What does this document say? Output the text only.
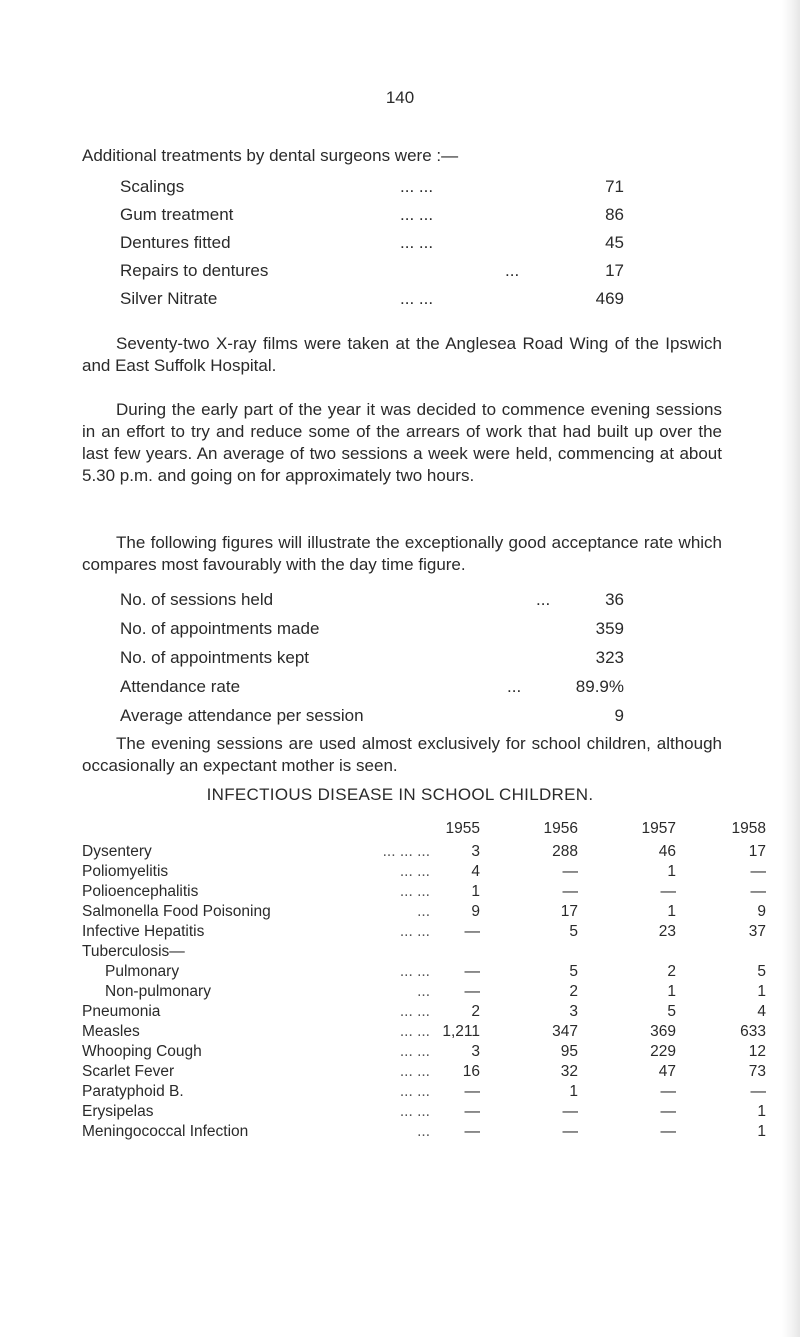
140
Additional treatments by dental surgeons were :—
Scalings	... ...	71
Gum treatment	... ...	86
Dentures fitted	... ...	45
Repairs to dentures	...	17
Silver Nitrate	... ...	469

Seventy-two X-ray films were taken at the Anglesea Road Wing of the Ipswich and East Suffolk Hospital.

During the early part of the year it was decided to commence evening sessions in an effort to try and reduce some of the arrears of work that had built up over the last few years. An average of two sessions a week were held, commencing at about 5.30 p.m. and going on for approximately two hours.

The following figures will illustrate the exceptionally good acceptance rate which compares most favourably with the day time figure.

No. of sessions held	...	36
No. of appointments made	359
No. of appointments kept	323
Attendance rate	...	89.9%
Average attendance per session	9

The evening sessions are used almost exclusively for school children, although occasionally an expectant mother is seen.

INFECTIOUS DISEASE IN SCHOOL CHILDREN.
1955	1956	1957	1958
Dysentery	... ... ...	3	288	46	17
Poliomyelitis	... ...	4	—	1	—
Polioencephalitis	... ...	1	—	—	—
Salmonella Food Poisoning	...	9	17	1	9
Infective Hepatitis	... ...	—	5	23	37
Tuberculosis—
Pulmonary	... ...	—	5	2	5
Non-pulmonary	...	—	2	1	1
Pneumonia	... ...	2	3	5	4
Measles	... ... 1,211	347	369	633
Whooping Cough	... ...	3	95	229	12
Scarlet Fever	... ...	16	32	47	73
Paratyphoid B.	... ...	—	1	—	—
Erysipelas	... ...	—	—	—	1
Meningococcal Infection	...	—	—	—	1
